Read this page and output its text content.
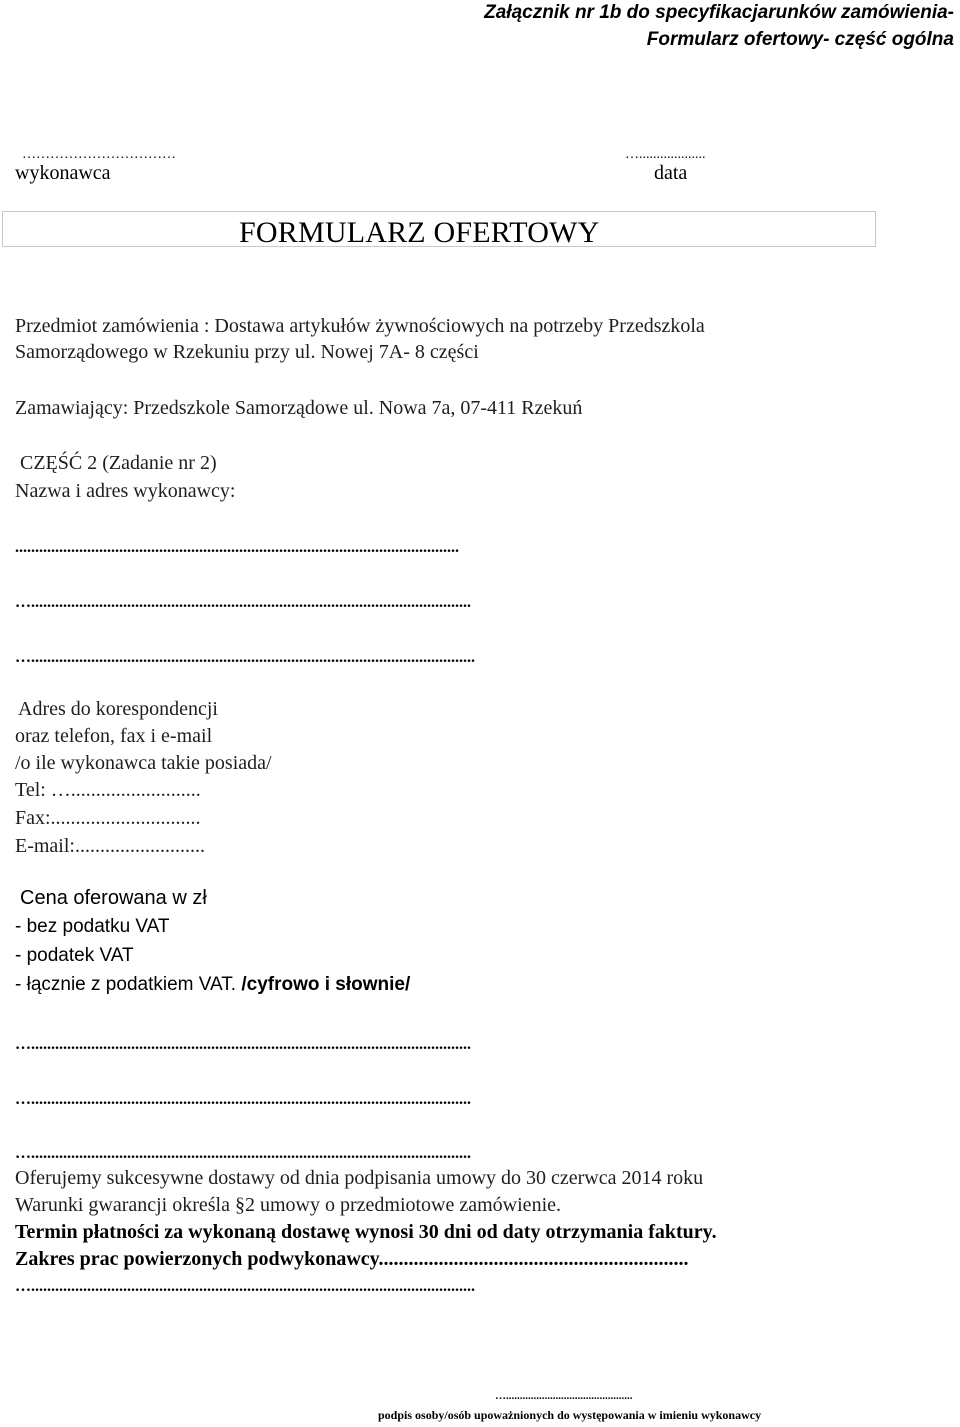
Załącznik nr 1b do specyfikacjarunków zamówienia-
Formularz ofertowy- część ogólna
……………………………
wykonawca
…...................
data
FORMULARZ OFERTOWY
Przedmiot zamówienia : Dostawa artykułów żywnościowych na potrzeby Przedszkola
Samorządowego w Rzekuniu przy ul. Nowej 7A- 8 części
Zamawiający: Przedszkole Samorządowe ul. Nowa 7a, 07-411 Rzekuń
CZĘŚĆ 2 (Zadanie nr 2)
Nazwa i adres wykonawcy:
...............................................................................................................
…..............................................................................................................
…...............................................................................................................
Adres do korespondencji
oraz telefon, fax i e-mail
/o ile wykonawca takie posiada/
Tel: …..........................
Fax:..............................
E-mail:..........................
Cena oferowana w zł
- bez podatku VAT
- podatek VAT
- łącznie z podatkiem VAT. /cyfrowo i słownie/
…..............................................................................................................
…..............................................................................................................
…..............................................................................................................
Oferujemy sukcesywne dostawy od dnia podpisania umowy do 30 czerwca 2014 roku
Warunki gwarancji określa §2 umowy o przedmiotowe zamówienie.
Termin płatności za wykonaną dostawę wynosi 30 dni od daty otrzymania faktury.
Zakres prac powierzonych podwykonawcy..............................................................
…...............................................................................................................
…..............................................
podpis osoby/osób upoważnionych do występowania w imieniu wykonawcy
